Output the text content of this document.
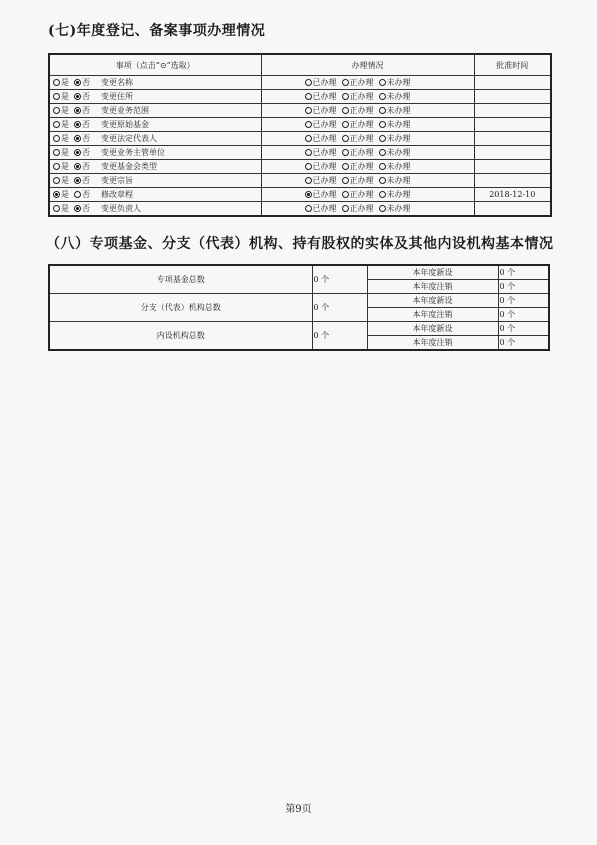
(七)年度登记、备案事项办理情况
事项（点击“⊙”选取）	办理情况	批准时间
是 否 变更名称	已办理 正办理 未办理	
是 否 变更住所	已办理 正办理 未办理	
是 否 变更业务范围	已办理 正办理 未办理	
是 否 变更原始基金	已办理 正办理 未办理	
是 否 变更法定代表人	已办理 正办理 未办理	
是 否 变更业务主管单位	已办理 正办理 未办理	
是 否 变更基金会类型	已办理 正办理 未办理	
是 否 变更宗旨	已办理 正办理 未办理	
是 否 修改章程	已办理 正办理 未办理	2018-12-10
是 否 变更负责人	已办理 正办理 未办理	
（八）专项基金、分支（代表）机构、持有股权的实体及其他内设机构基本情况
专项基金总数	0 个	本年度新设	0 个
		本年度注销	0 个
分支（代表）机构总数	0 个	本年度新设	0 个
		本年度注销	0 个
内设机构总数	0 个	本年度新设	0 个
		本年度注销	0 个
第9页
